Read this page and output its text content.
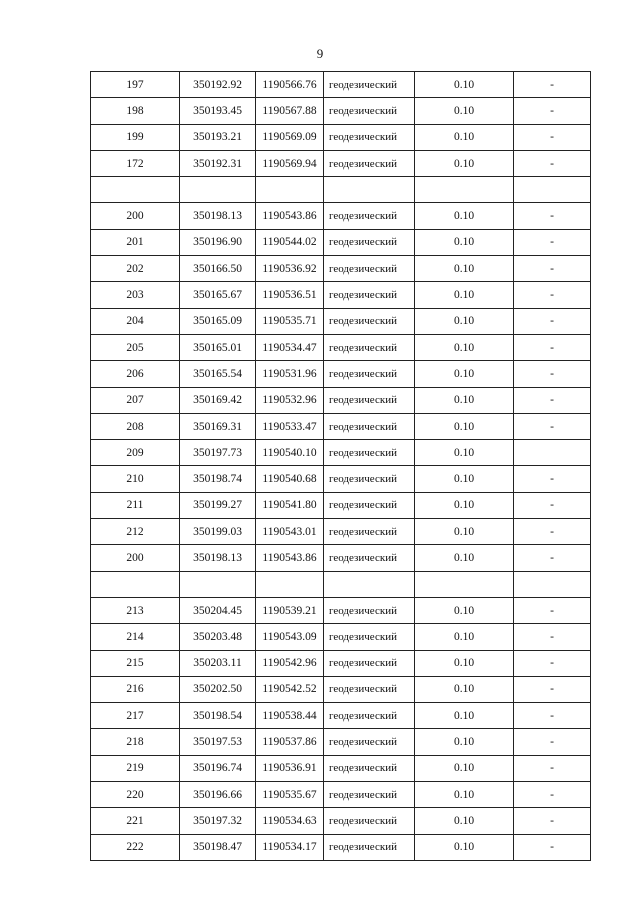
9
197	350192.92	1190566.76	геодезический	0.10	-
198	350193.45	1190567.88	геодезический	0.10	-
199	350193.21	1190569.09	геодезический	0.10	-
172	350192.31	1190569.94	геодезический	0.10	-

200	350198.13	1190543.86	геодезический	0.10	-
201	350196.90	1190544.02	геодезический	0.10	-
202	350166.50	1190536.92	геодезический	0.10	-
203	350165.67	1190536.51	геодезический	0.10	-
204	350165.09	1190535.71	геодезический	0.10	-
205	350165.01	1190534.47	геодезический	0.10	-
206	350165.54	1190531.96	геодезический	0.10	-
207	350169.42	1190532.96	геодезический	0.10	-
208	350169.31	1190533.47	геодезический	0.10	-
209	350197.73	1190540.10	геодезический	0.10	
210	350198.74	1190540.68	геодезический	0.10	-
211	350199.27	1190541.80	геодезический	0.10	-
212	350199.03	1190543.01	геодезический	0.10	-
200	350198.13	1190543.86	геодезический	0.10	-

213	350204.45	1190539.21	геодезический	0.10	-
214	350203.48	1190543.09	геодезический	0.10	-
215	350203.11	1190542.96	геодезический	0.10	-
216	350202.50	1190542.52	геодезический	0.10	-
217	350198.54	1190538.44	геодезический	0.10	-
218	350197.53	1190537.86	геодезический	0.10	-
219	350196.74	1190536.91	геодезический	0.10	-
220	350196.66	1190535.67	геодезический	0.10	-
221	350197.32	1190534.63	геодезический	0.10	-
222	350198.47	1190534.17	геодезический	0.10	-
